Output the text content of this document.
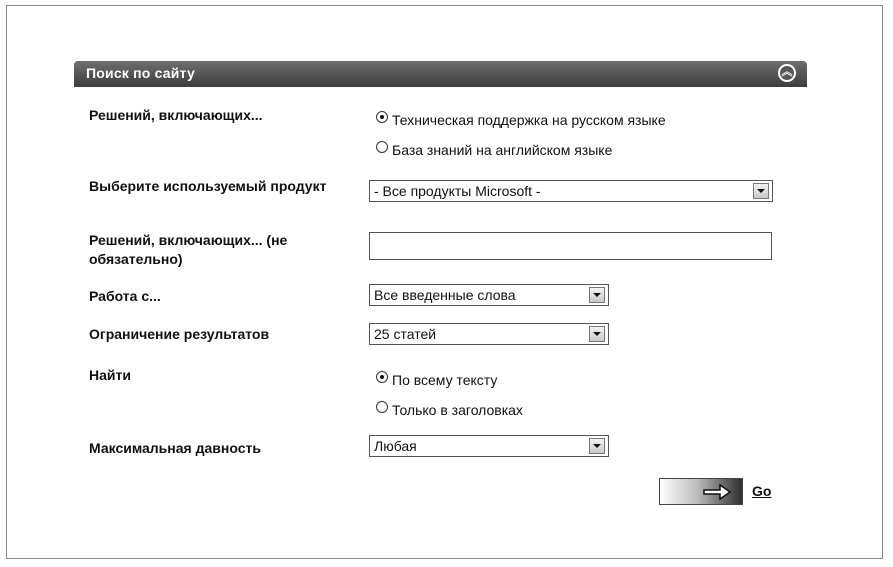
Поиск по сайту	︽
Решений, включающих...	Техническая поддержка на русском языке
База знаний на английском языке
Выберите используемый продукт	- Все продукты Microsoft -
Решений, включающих... (не обязательно)
Работа с...	Все введенные слова
Ограничение результатов	25 статей
Найти	По всему тексту
Только в заголовках
Максимальная давность	Любая
Go
